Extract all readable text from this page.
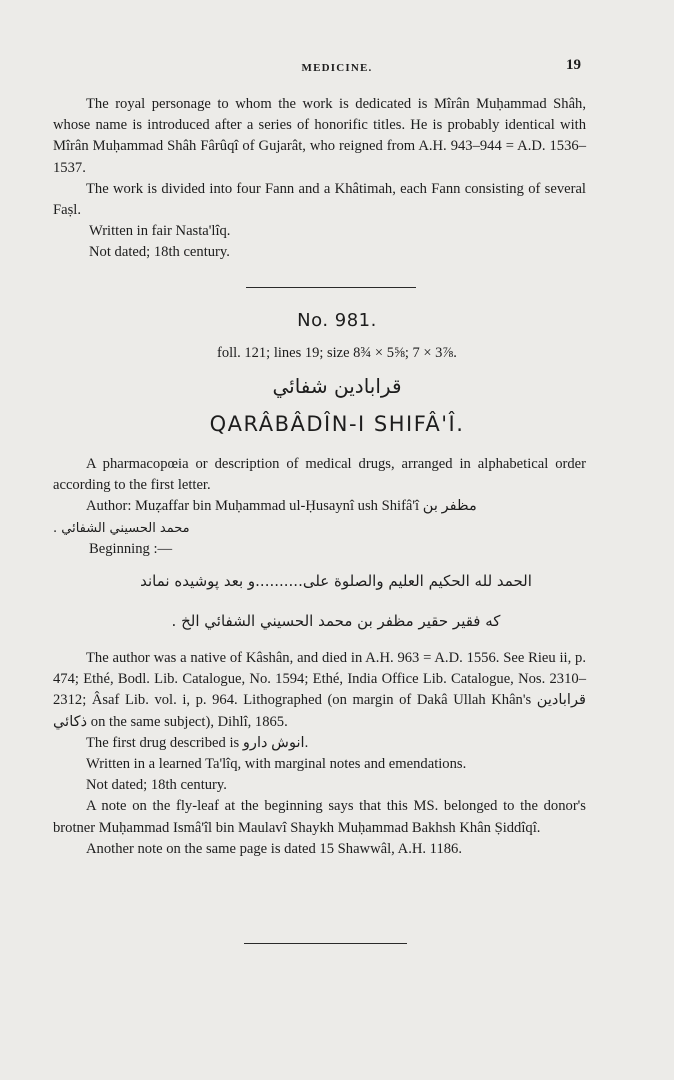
MEDICINE.	19

The royal personage to whom the work is dedicated is Mîrân Muḥammad Shâh, whose name is introduced after a series of honorific titles. He is probably identical with Mîrân Muḥammad Shâh Fârûqî of Gujarât, who reigned from A.H. 943–944 = A.D. 1536–1537.

The work is divided into four Fann and a Khâtimah, each Fann consisting of several Faṣl.

Written in fair Nasta'lîq.

Not dated; 18th century.

No. 981.
foll. 121; lines 19; size 8¾ × 5⅝; 7 × 3⅞.
قرابادين شفائي
QARÂBÂDÎN-I SHIFÂ'Î.

A pharmacopœia or description of medical drugs, arranged in alphabetical order according to the first letter.

Author: Muẓaffar bin Muḥammad ul-Ḥusaynî ush Shifâ'î مظفر بن

محمد الحسيني الشفائي .

Beginning :—

الحمد لله الحكيم العليم والصلوة على..........و بعد پوشيده نماند
كه فقير حقير مظفر بن محمد الحسيني الشفائي الخ .

The author was a native of Kâshân, and died in A.H. 963 = A.D. 1556. See Rieu ii, p. 474; Ethé, Bodl. Lib. Catalogue, No. 1594; Ethé, India Office Lib. Catalogue, Nos. 2310–2312; Âsaf Lib. vol. i, p. 964. Lithographed (on margin of Dakâ Ullah Khân's قرابادين ذكائي on the same subject), Dihlî, 1865.

The first drug described is انوش دارو.

Written in a learned Ta'lîq, with marginal notes and emendations.

Not dated; 18th century.

A note on the fly-leaf at the beginning says that this MS. belonged to the donor's brotner Muḥammad Ismâ'îl bin Maulavî Shaykh Muḥammad Bakhsh Khân Ṣiddîqî.

Another note on the same page is dated 15 Shawwâl, A.H. 1186.
